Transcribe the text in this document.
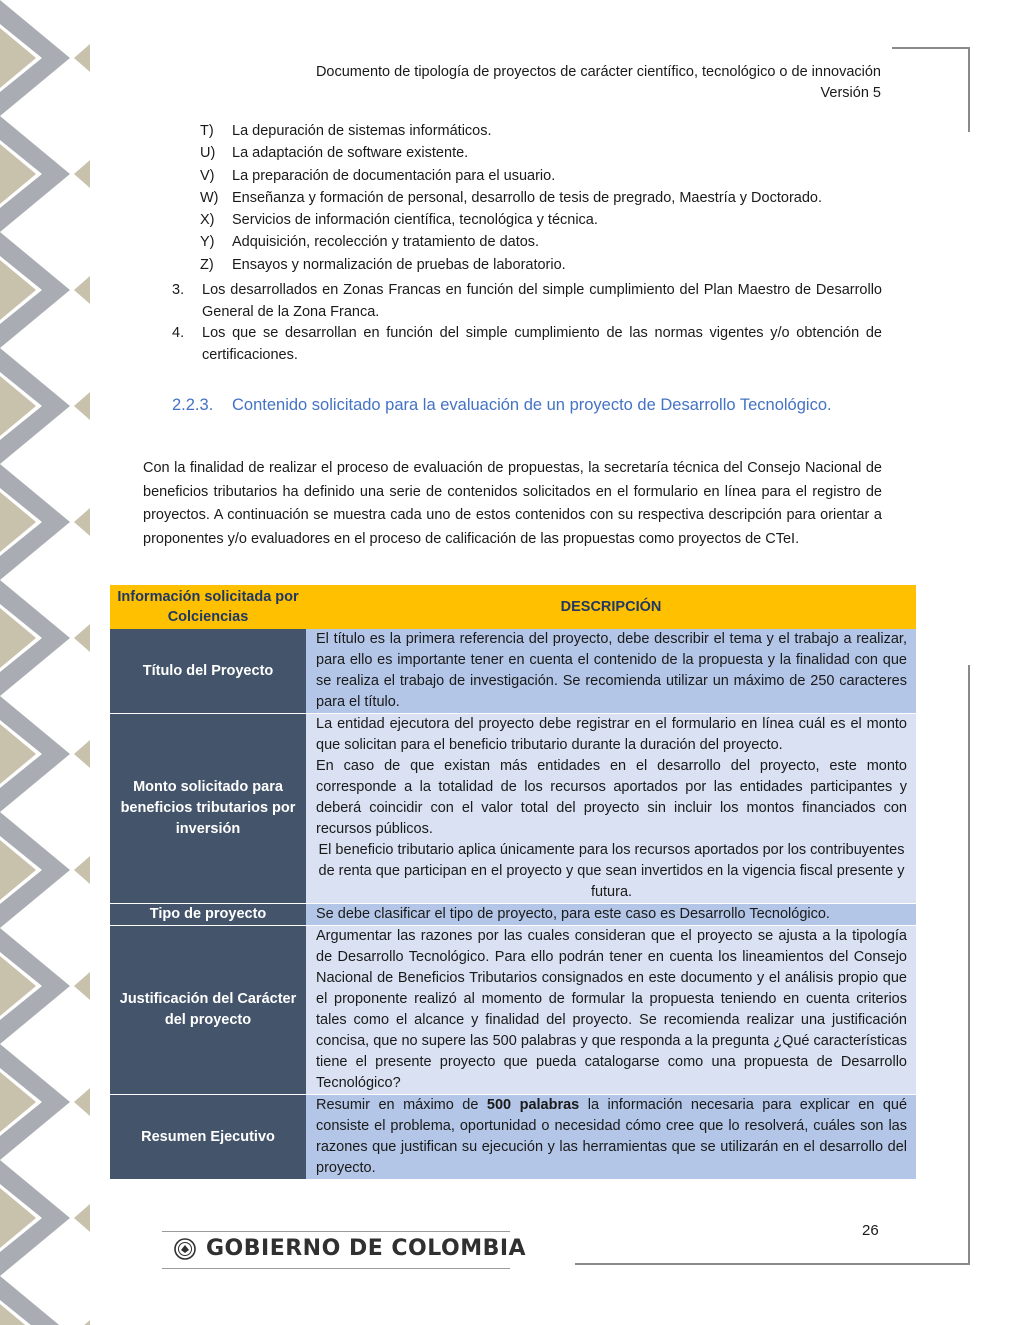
Documento de tipología de proyectos de carácter científico, tecnológico o de innovación
Versión 5
T)	La depuración de sistemas informáticos.
U)	La adaptación de software existente.
V)	La preparación de documentación para el usuario.
W) Enseñanza y formación de personal, desarrollo de tesis de pregrado, Maestría y Doctorado.
X)	Servicios de información científica, tecnológica y técnica.
Y)	Adquisición, recolección y tratamiento de datos.
Z)	Ensayos y normalización de pruebas de laboratorio.
3.	Los desarrollados en Zonas Francas en función del simple cumplimiento del Plan Maestro de Desarrollo General de la Zona Franca.
4.	Los que se desarrollan en función del simple cumplimiento de las normas vigentes y/o obtención de certificaciones.
2.2.3.	Contenido solicitado para la evaluación de un proyecto de Desarrollo Tecnológico.

Con la finalidad de realizar el proceso de evaluación de propuestas, la secretaría técnica del Consejo Nacional de beneficios tributarios ha definido una serie de contenidos solicitados en el formulario en línea para el registro de proyectos. A continuación se muestra cada uno de estos contenidos con su respectiva descripción para orientar a proponentes y/o evaluadores en el proceso de calificación de las propuestas como proyectos de CTeI.

Información solicitada por Colciencias	DESCRIPCIÓN
Título del Proyecto	El título es la primera referencia del proyecto, debe describir el tema y el trabajo a realizar, para ello es importante tener en cuenta el contenido de la propuesta y la finalidad con que se realiza el trabajo de investigación. Se recomienda utilizar un máximo de 250 caracteres para el título.

Monto solicitado para beneficios tributarios por inversión	La entidad ejecutora del proyecto debe registrar en el formulario en línea cuál es el monto que solicitan para el beneficio tributario durante la duración del proyecto.
En caso de que existan más entidades en el desarrollo del proyecto, este monto corresponde a la totalidad de los recursos aportados por las entidades participantes y deberá coincidir con el valor total del proyecto sin incluir los montos financiados con recursos públicos.
El beneficio tributario aplica únicamente para los recursos aportados por los contribuyentes de renta que participan en el proyecto y que sean invertidos en la vigencia fiscal presente y futura.

Tipo de proyecto	Se debe clasificar el tipo de proyecto, para este caso es Desarrollo Tecnológico.

Justificación del Carácter del proyecto	Argumentar las razones por las cuales consideran que el proyecto se ajusta a la tipología de Desarrollo Tecnológico. Para ello podrán tener en cuenta los lineamientos del Consejo Nacional de Beneficios Tributarios consignados en este documento y el análisis propio que el proponente realizó al momento de formular la propuesta teniendo en cuenta criterios tales como el alcance y finalidad del proyecto. Se recomienda realizar una justificación concisa, que no supere las 500 palabras y que responda a la pregunta ¿Qué características tiene el presente proyecto que pueda catalogarse como una propuesta de Desarrollo Tecnológico?

Resumen Ejecutivo	Resumir en máximo de 500 palabras la información necesaria para explicar en qué consiste el problema, oportunidad o necesidad cómo cree que lo resolverá, cuáles son las razones que justifican su ejecución y las herramientas que se utilizarán en el desarrollo del proyecto.
26
GOBIERNO DE COLOMBIA
